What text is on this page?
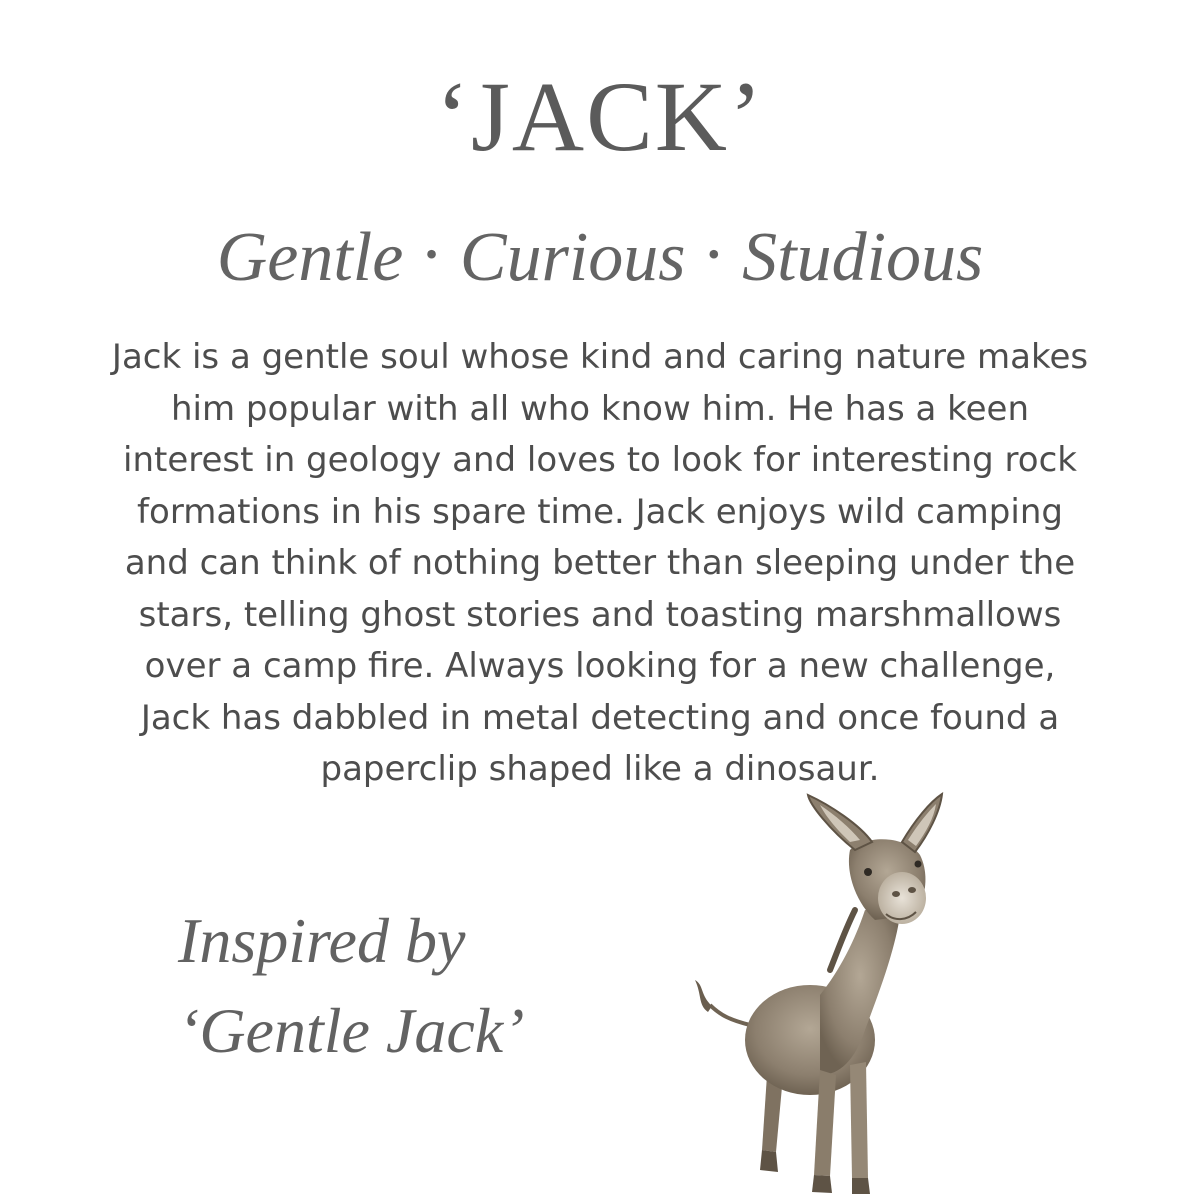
‘JACK’
Gentle • Curious • Studious
Jack is a gentle soul whose kind and caring nature makes
him popular with all who know him. He has a keen
interest in geology and loves to look for interesting rock
formations in his spare time. Jack enjoys wild camping
and can think of nothing better than sleeping under the
stars, telling ghost stories and toasting marshmallows
over a camp fire. Always looking for a new challenge,
Jack has dabbled in metal detecting and once found a
paperclip shaped like a dinosaur.
Inspired by
‘Gentle Jack’
